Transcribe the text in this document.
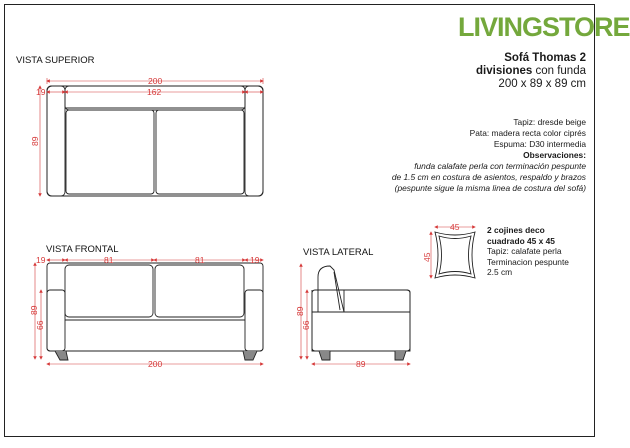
LIVINGSTORE
Sofá Thomas 2
divisiones con funda
200 x 89 x 89 cm
VISTA SUPERIOR
VISTA FRONTAL	VISTA LATERAL
Tapiz: dresde beige
Pata: madera recta color ciprés
Espuma: D30 intermedia
Observaciones:
funda calafate perla con terminación pespunte
de 1.5 cm en costura de asientos, respaldo y brazos
(pespunte sigue la misma linea de costura del sofá)
2 cojines deco
cuadrado 45 x 45
Tapiz: calafate perla
Terminacion pespunte
2.5 cm
200
19	162
89
19	81	81	19
89
66
200
89
66
89
45
45
